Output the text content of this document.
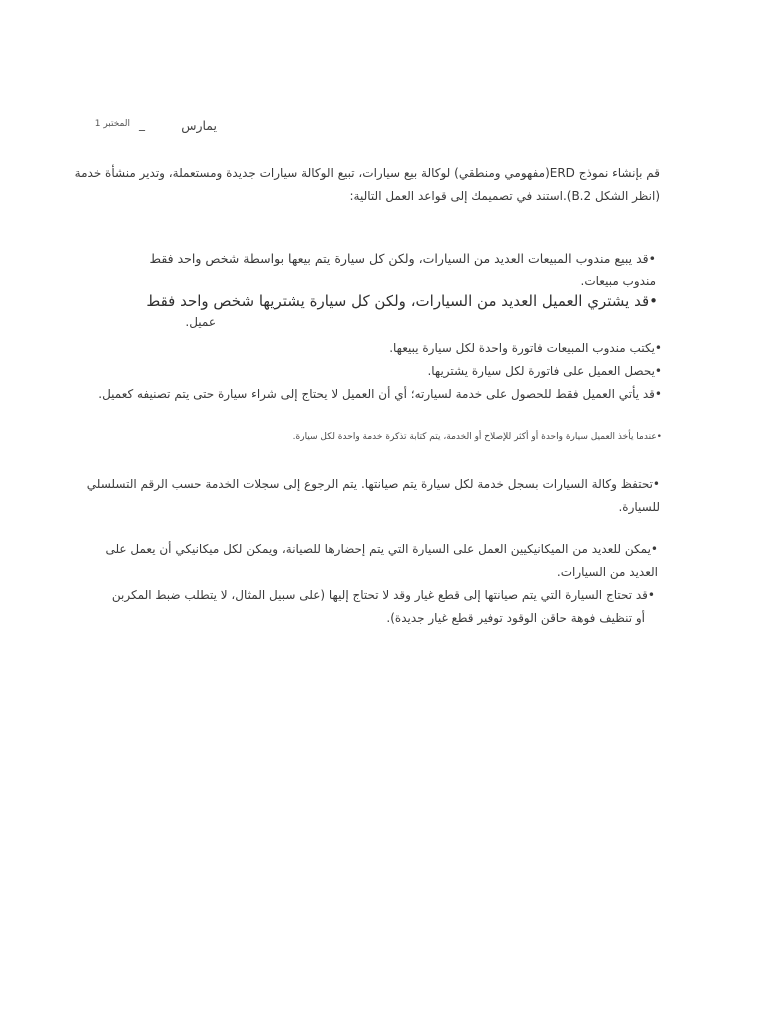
المختبر 1 _	يمارس
قم بإنشاء نموذج ERD(مفهومي ومنطقي) لوكالة بيع سيارات، تبيع الوكالة سيارات جديدة ومستعملة، وتدير منشأة خدمة
(انظر الشكل B.2).استند في تصميمك إلى قواعد العمل التالية:
•قد يبيع مندوب المبيعات العديد من السيارات، ولكن كل سيارة يتم بيعها بواسطة شخص واحد فقط
مندوب مبيعات.
•قد يشتري العميل العديد من السيارات، ولكن كل سيارة يشتريها شخص واحد فقط
عميل.
•يكتب مندوب المبيعات فاتورة واحدة لكل سيارة يبيعها.
•يحصل العميل على فاتورة لكل سيارة يشتريها.
•قد يأتي العميل فقط للحصول على خدمة لسيارته؛ أي أن العميل لا يحتاج إلى شراء سيارة حتى يتم تصنيفه كعميل.
•عندما يأخذ العميل سيارة واحدة أو أكثر للإصلاح أو الخدمة، يتم كتابة تذكرة خدمة واحدة لكل سيارة.
•تحتفظ وكالة السيارات بسجل خدمة لكل سيارة يتم صيانتها. يتم الرجوع إلى سجلات الخدمة حسب الرقم التسلسلي
للسيارة.
•يمكن للعديد من الميكانيكيين العمل على السيارة التي يتم إحضارها للصيانة، ويمكن لكل ميكانيكي أن يعمل على
العديد من السيارات.
•قد تحتاج السيارة التي يتم صيانتها إلى قطع غيار وقد لا تحتاج إليها (على سبيل المثال، لا يتطلب ضبط المكربن
أو تنظيف فوهة حاقن الوقود توفير قطع غيار جديدة).
